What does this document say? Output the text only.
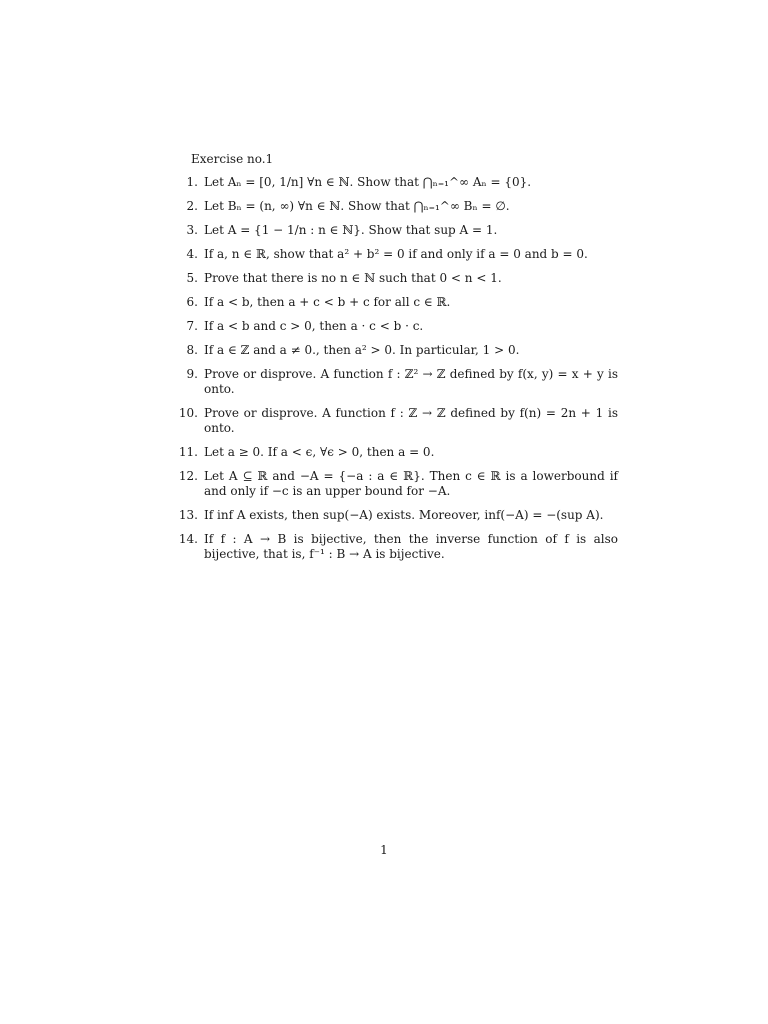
Exercise no.1
1. Let Aₙ = [0, 1/n] ∀n ∈ ℕ. Show that ⋂ₙ₌₁^∞ Aₙ = {0}.
2. Let Bₙ = (n, ∞) ∀n ∈ ℕ. Show that ⋂ₙ₌₁^∞ Bₙ = ∅.
3. Let A = {1 − 1/n : n ∈ ℕ}. Show that sup A = 1.
4. If a, n ∈ ℝ, show that a² + b² = 0 if and only if a = 0 and b = 0.
5. Prove that there is no n ∈ ℕ such that 0 < n < 1.
6. If a < b, then a + c < b + c for all c ∈ ℝ.
7. If a < b and c > 0, then a · c < b · c.
8. If a ∈ ℤ and a ≠ 0., then a² > 0. In particular, 1 > 0.
9. Prove or disprove. A function f : ℤ² → ℤ defined by f(x, y) = x + y is onto.
10. Prove or disprove. A function f : ℤ → ℤ defined by f(n) = 2n + 1 is onto.
11. Let a ≥ 0. If a < ϵ, ∀ϵ > 0, then a = 0.
12. Let A ⊆ ℝ and −A = {−a : a ∈ ℝ}. Then c ∈ ℝ is a lowerbound if and only if −c is an upper bound for −A.
13. If inf A exists, then sup(−A) exists. Moreover, inf(−A) = −(sup A).
14. If f : A → B is bijective, then the inverse function of f is also bijective, that is, f⁻¹ : B → A is bijective.
1
